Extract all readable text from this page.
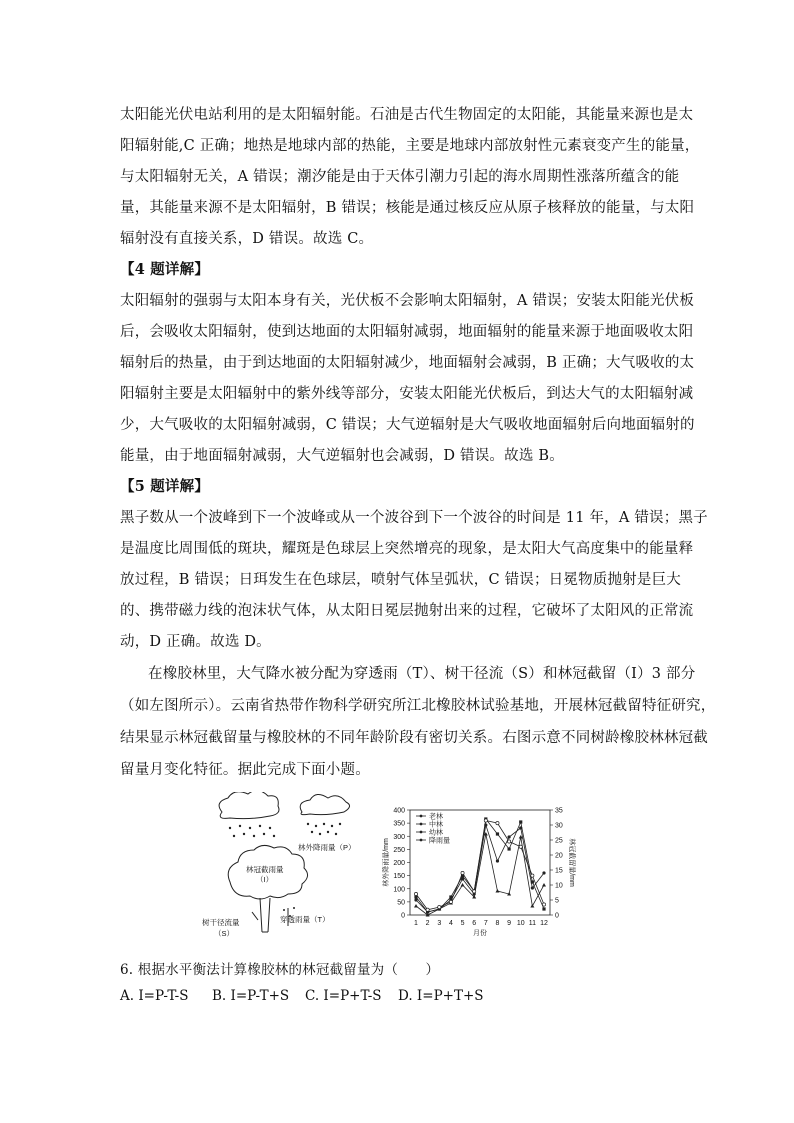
太阳能光伏电站利用的是太阳辐射能。石油是古代生物固定的太阳能，其能量来源也是太
阳辐射能,C 正确；地热是地球内部的热能，主要是地球内部放射性元素衰变产生的能量，
与太阳辐射无关，A 错误；潮汐能是由于天体引潮力引起的海水周期性涨落所蕴含的能
量，其能量来源不是太阳辐射，B 错误；核能是通过核反应从原子核释放的能量，与太阳
辐射没有直接关系，D 错误。故选 C。
【4 题详解】
太阳辐射的强弱与太阳本身有关，光伏板不会影响太阳辐射，A 错误；安装太阳能光伏板
后，会吸收太阳辐射，使到达地面的太阳辐射减弱，地面辐射的能量来源于地面吸收太阳
辐射后的热量，由于到达地面的太阳辐射减少，地面辐射会减弱，B 正确；大气吸收的太
阳辐射主要是太阳辐射中的紫外线等部分，安装太阳能光伏板后，到达大气的太阳辐射减
少，大气吸收的太阳辐射减弱，C 错误；大气逆辐射是大气吸收地面辐射后向地面辐射的
能量，由于地面辐射减弱，大气逆辐射也会减弱，D 错误。故选 B。
【5 题详解】
黑子数从一个波峰到下一个波峰或从一个波谷到下一个波谷的时间是 11 年，A 错误；黑子
是温度比周围低的斑块，耀斑是色球层上突然增亮的现象，是太阳大气高度集中的能量释
放过程，B 错误；日珥发生在色球层，喷射气体呈弧状，C 错误；日冕物质抛射是巨大
的、携带磁力线的泡沫状气体，从太阳日冕层抛射出来的过程，它破坏了太阳风的正常流
动，D 正确。故选 D。
在橡胶林里，大气降水被分配为穿透雨（T）、树干径流（S）和林冠截留（I）3 部分
（如左图所示）。云南省热带作物科学研究所江北橡胶林试验基地，开展林冠截留特征研究，
结果显示林冠截留量与橡胶林的不同年龄阶段有密切关系。右图示意不同树龄橡胶林林冠截
留量月变化特征。据此完成下面小题。
林外降雨量（P）
林冠截雨量
（I）
树干径流量
（S）
穿透雨量（T）	0
50
100
150
200
250
300
350
400
0
5
10
15
20
25
30
35
1 2 3 4 5 6 7 8 9 10 11 12
月份
林外降雨量/mm	林冠截留量/mm
老林
中林
幼林
降雨量
6. 根据水平衡法计算橡胶林的林冠截留量为（　　）
A. I=P-T-S B. I=P-T+S C. I=P+T-S D. I=P+T+S
